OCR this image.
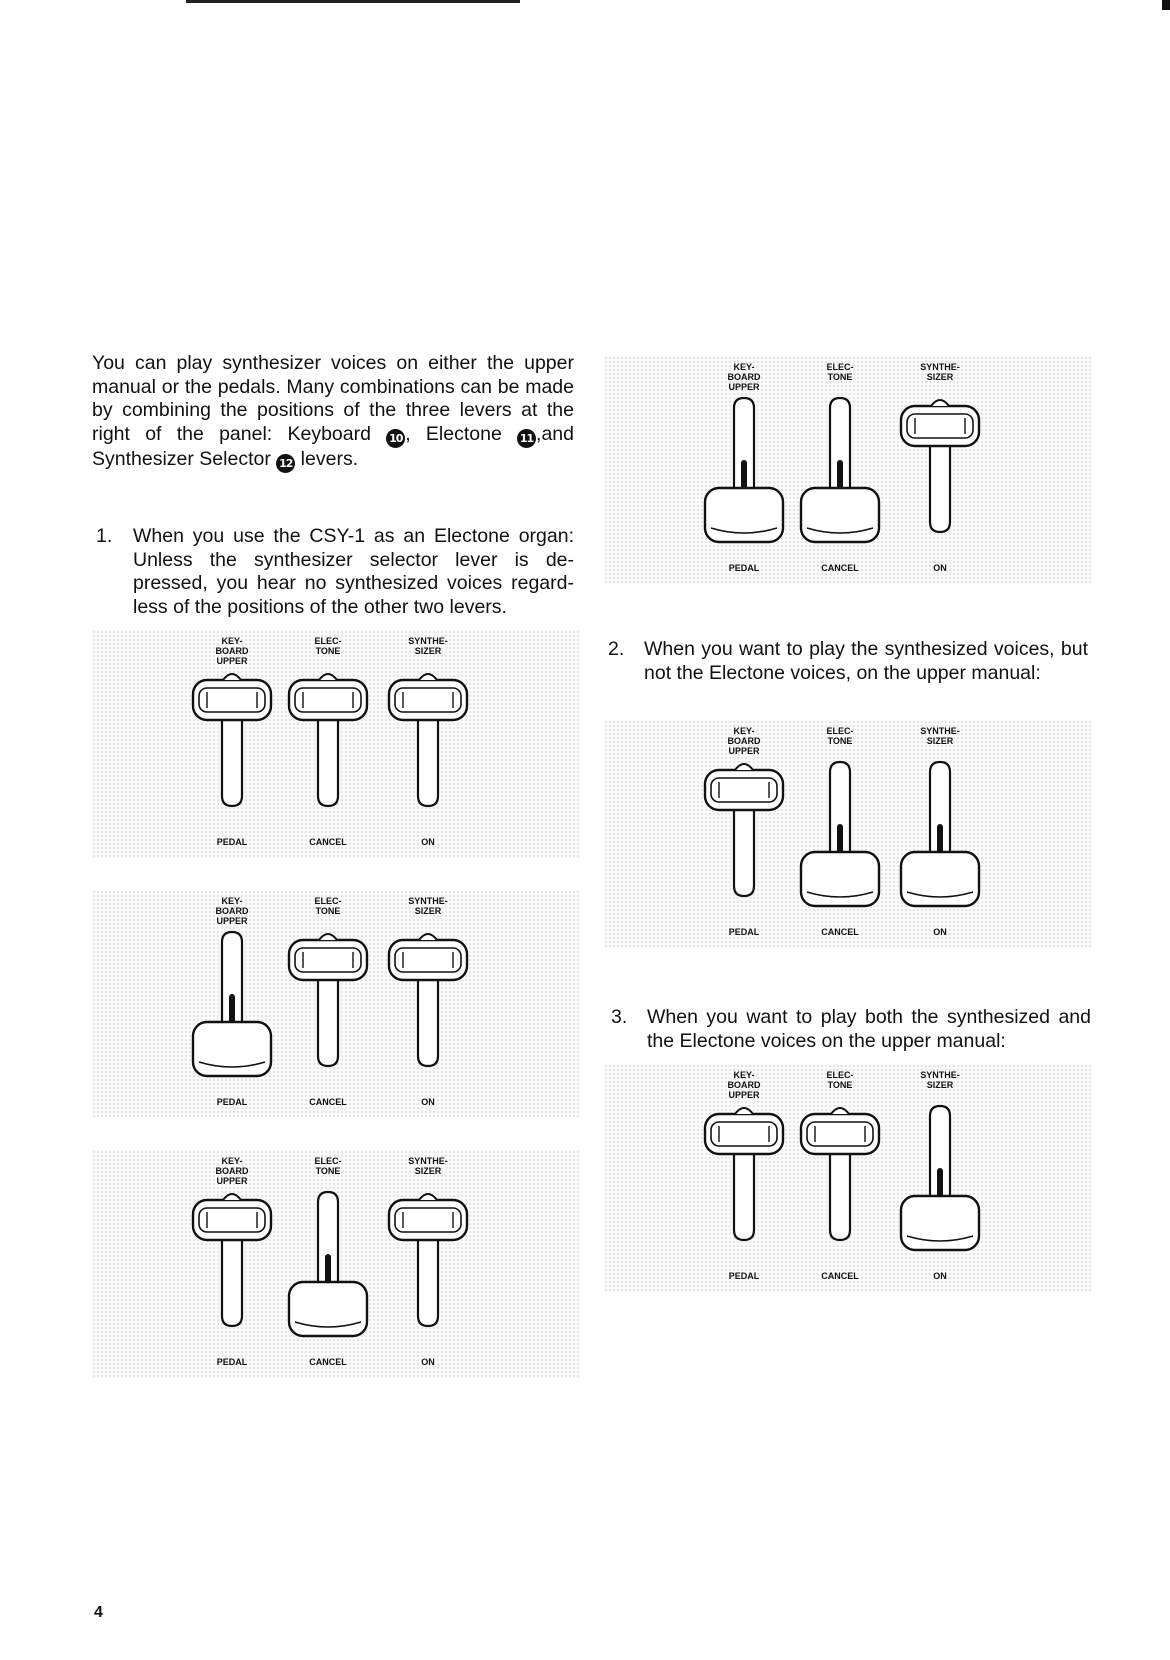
You can play synthesizer voices on either the upper manual or the pedals. Many combinations can be made by combining the positions of the three levers at the right of the panel: Keyboard 10 , Electone 11 ,and Synthesizer Selector 12 levers.

1. When you use the CSY-1 as an Electone organ: Unless the synthesizer selector lever is de-pressed, you hear no synthesized voices regard-less of the positions of the other two levers.
2. When you want to play the synthesized voices, but not the Electone voices, on the upper manual:
3. When you want to play both the synthesized and the Electone voices on the upper manual:
KEY-
BOARD
UPPER
PEDAL
ELEC-
TONE
CANCEL
SYNTHE-
SIZER
ON
KEY-
BOARD
UPPER
PEDAL
ELEC-
TONE
CANCEL
SYNTHE-
SIZER
ON
KEY-
BOARD
UPPER
PEDAL
ELEC-
TONE
CANCEL
SYNTHE-
SIZER
ON
KEY-
BOARD
UPPER
PEDAL
ELEC-
TONE
CANCEL
SYNTHE-
SIZER
ON
KEY-
BOARD
UPPER
PEDAL
ELEC-
TONE
CANCEL
SYNTHE-
SIZER
ON
KEY-
BOARD
UPPER
PEDAL
ELEC-
TONE
CANCEL
SYNTHE-
SIZER
ON
4
